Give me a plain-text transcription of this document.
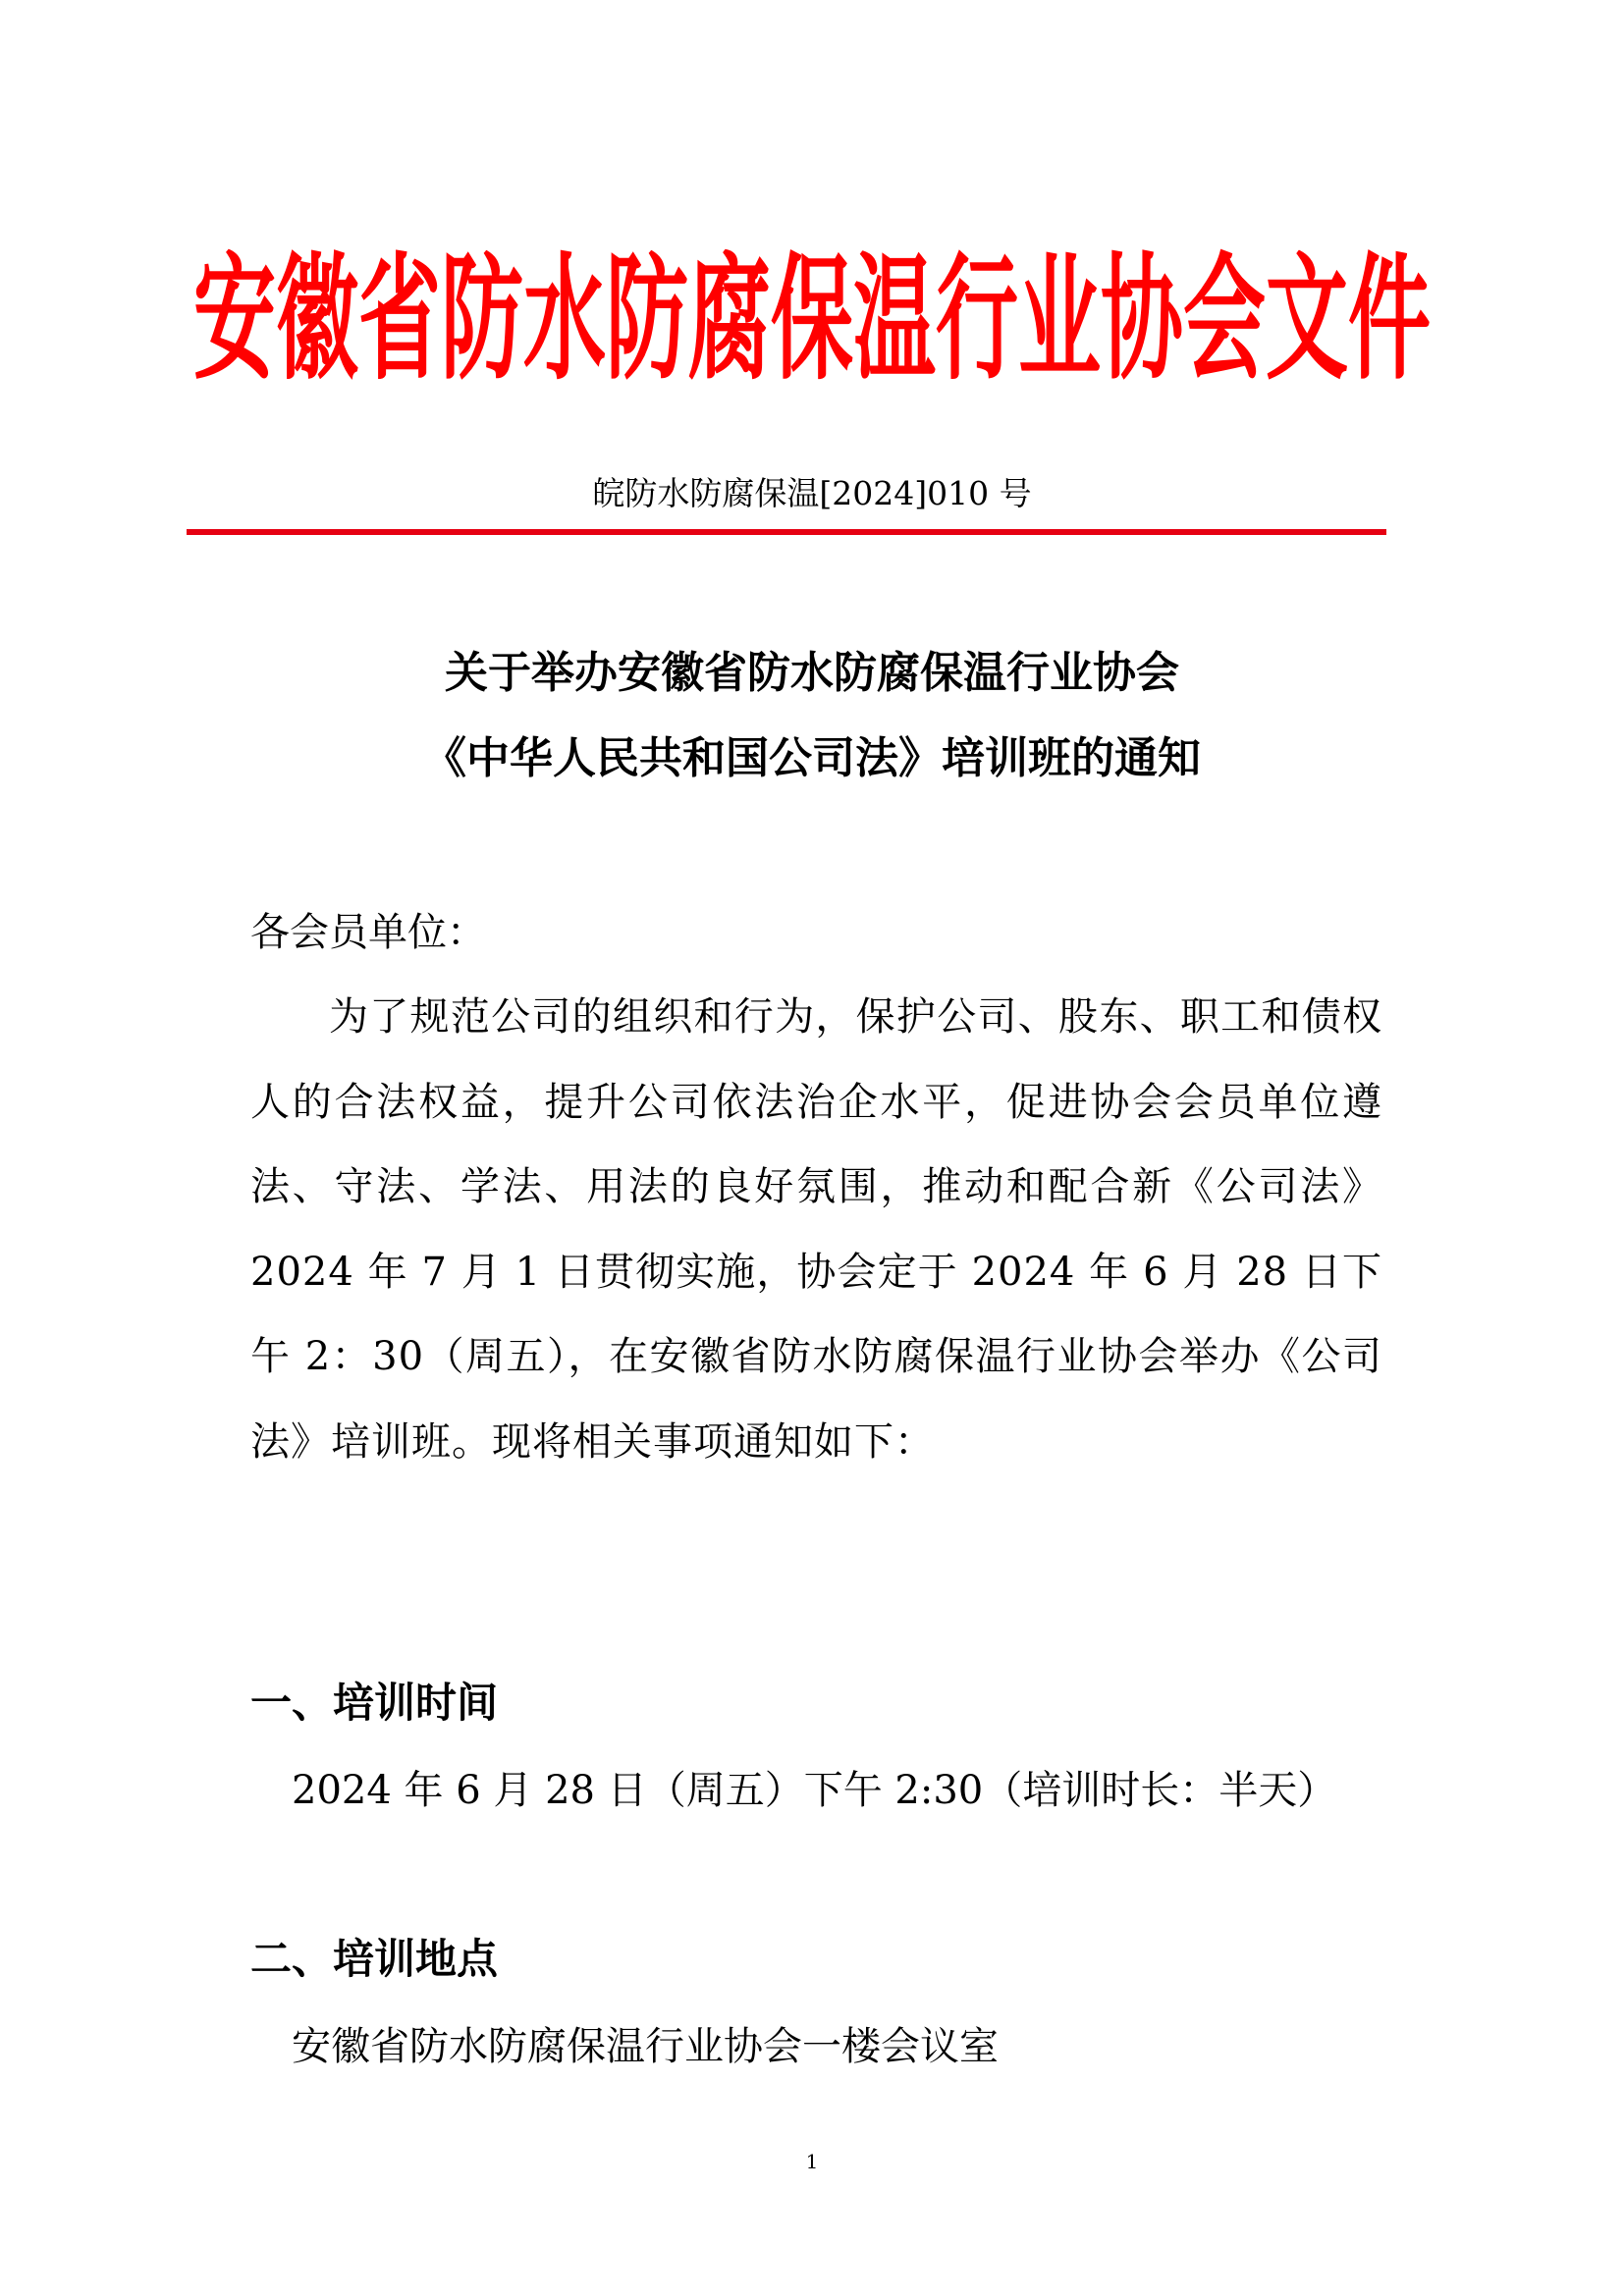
安徽省防水防腐保温行业协会文件
皖防水防腐保温[2024]010 号
关于举办安徽省防水防腐保温行业协会
《中华人民共和国公司法》培训班的通知
各会员单位：
为了规范公司的组织和行为，保护公司、股东、职工和债权人的合法权益，提升公司依法治企水平，促进协会会员单位遵法、守法、学法、用法的良好氛围，推动和配合新《公司法》2024 年 7 月 1 日贯彻实施，协会定于 2024 年 6 月 28 日下午 2：30（周五），在安徽省防水防腐保温行业协会举办《公司法》培训班。现将相关事项通知如下：
一、培训时间
2024 年 6 月 28 日（周五）下午 2:30（培训时长：半天）
二、培训地点
安徽省防水防腐保温行业协会一楼会议室
1
